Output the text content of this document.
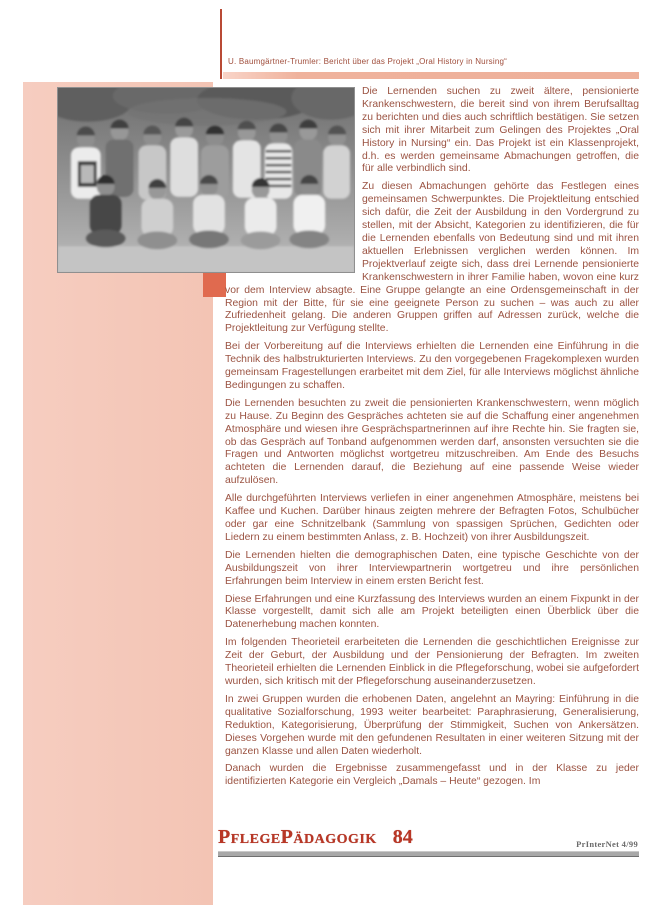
U. Baumgärtner-Trumler: Bericht über das Projekt „Oral History in Nursing“

Die Lernenden suchen zu zweit ältere, pensionierte Krankenschwestern, die bereit sind von ihrem Berufsalltag zu berichten und dies auch schriftlich bestätigen. Sie setzen sich mit ihrer Mitarbeit zum Gelingen des Projektes „Oral History in Nursing“ ein. Das Projekt ist ein Klassenprojekt, d.h. es werden gemeinsame Abmachungen getroffen, die für alle verbindlich sind.

Zu diesen Abmachungen gehörte das Festlegen eines gemeinsamen Schwerpunktes. Die Projektleitung entschied sich dafür, die Zeit der Ausbildung in den Vordergrund zu stellen, mit der Absicht, Kategorien zu identifizieren, die für die Lernenden ebenfalls von Bedeutung sind und mit ihren aktuellen Erlebnissen verglichen werden können. Im Projektverlauf zeigte sich, dass drei Lernende pensionierte Krankenschwestern in ihrer Familie haben, wovon eine kurz vor dem Interview absagte. Eine Gruppe gelangte an eine Ordensgemeinschaft in der Region mit der Bitte, für sie eine geeignete Person zu suchen – was auch zu aller Zufriedenheit gelang. Die anderen Gruppen griffen auf Adressen zurück, welche die Projektleitung zur Verfügung stellte.

Bei der Vorbereitung auf die Interviews erhielten die Lernenden eine Einführung in die Technik des halbstrukturierten Interviews. Zu den vorgegebenen Fragekomplexen wurden gemeinsam Fragestellungen erarbeitet mit dem Ziel, für alle Interviews möglichst ähnliche Bedingungen zu schaffen.

Die Lernenden besuchten zu zweit die pensionierten Krankenschwestern, wenn möglich zu Hause. Zu Beginn des Gespräches achteten sie auf die Schaffung einer angenehmen Atmosphäre und wiesen ihre Gesprächspartnerinnen auf ihre Rechte hin. Sie fragten sie, ob das Gespräch auf Tonband aufgenommen werden darf, ansonsten versuchten sie die Fragen und Antworten möglichst wortgetreu mitzuschreiben. Am Ende des Besuchs achteten die Lernenden darauf, die Beziehung auf eine passende Weise wieder aufzulösen.

Alle durchgeführten Interviews verliefen in einer angenehmen Atmosphäre, meistens bei Kaffee und Kuchen. Darüber hinaus zeigten mehrere der Befragten Fotos, Schulbücher oder gar eine Schnitzelbank (Sammlung von spassigen Sprüchen, Gedichten oder Liedern zu einem bestimmten Anlass, z. B. Hochzeit) von ihrer Ausbildungszeit.

Die Lernenden hielten die demographischen Daten, eine typische Geschichte von der Ausbildungszeit von ihrer Interviewpartnerin wortgetreu und ihre persönlichen Erfahrungen beim Interview in einem ersten Bericht fest.

Diese Erfahrungen und eine Kurzfassung des Interviews wurden an einem Fixpunkt in der Klasse vorgestellt, damit sich alle am Projekt beteiligten einen Überblick über die Datenerhebung machen konnten.

Im folgenden Theorieteil erarbeiteten die Lernenden die geschichtlichen Ereignisse zur Zeit der Geburt, der Ausbildung und der Pensionierung der Befragten. Im zweiten Theorieteil erhielten die Lernenden Einblick in die Pflegeforschung, wobei sie aufgefordert wurden, sich kritisch mit der Pflegeforschung auseinanderzusetzen.

In zwei Gruppen wurden die erhobenen Daten, angelehnt an Mayring: Einführung in die qualitative Sozialforschung, 1993 weiter bearbeitet: Paraphrasierung, Generalisierung, Reduktion, Kategorisierung, Überprüfung der Stimmigkeit, Suchen von Ankersätzen. Dieses Vorgehen wurde mit den gefundenen Resultaten in einer weiteren Sitzung mit der ganzen Klasse und allen Daten wiederholt.

Danach wurden die Ergebnisse zusammengefasst und in der Klasse zu jeder identifizierten Kategorie ein Vergleich „Damals – Heute“ gezogen. Im

PflegePädagogik 84	PrInterNet 4/99
